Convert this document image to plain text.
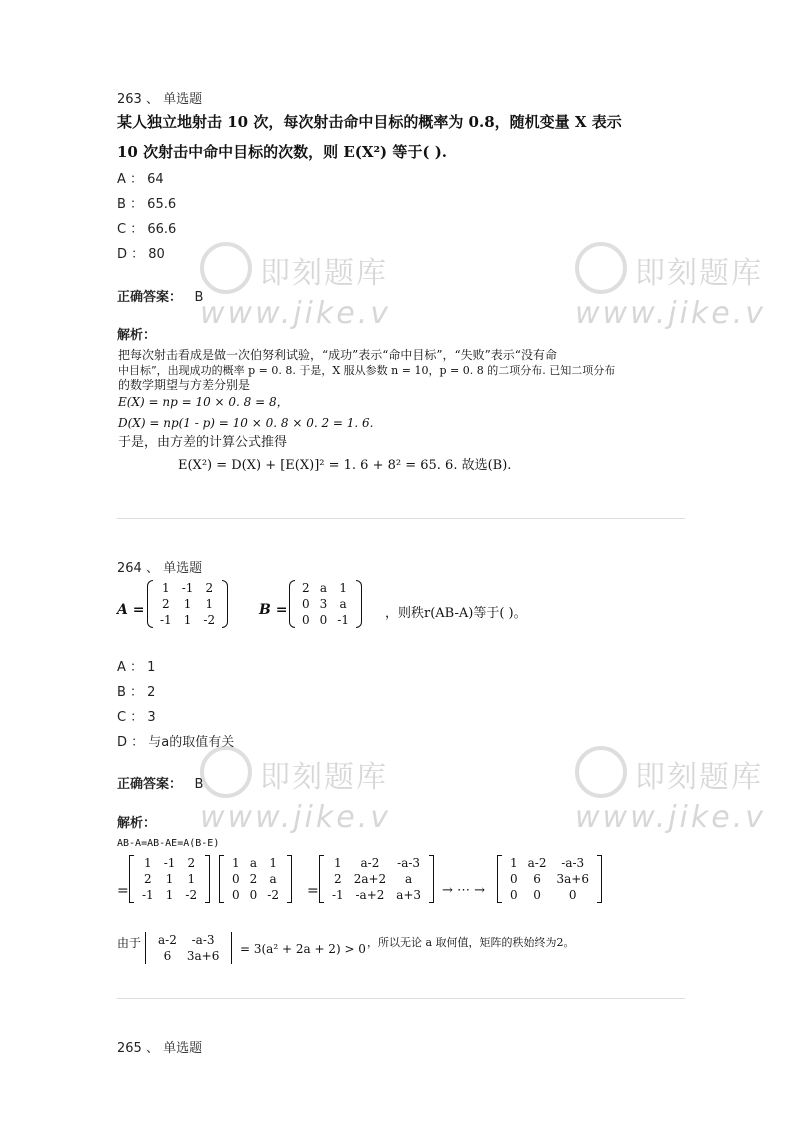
即刻题库
www.jike.v
即刻题库
www.jike.v
即刻题库
www.jike.v
即刻题库
www.jike.v
263 、 单选题
某人独立地射击 10 次，每次射击命中目标的概率为 0.8，随机变量 X 表示
10 次射击中命中目标的次数，则 E(X²) 等于( ).
A ： 64
B ： 65.6
C ： 66.6
D ： 80
正确答案： B
解析：
把每次射击看成是做一次伯努利试验，“成功”表示“命中目标”，“失败”表示“没有命
中目标”，出现成功的概率 p = 0. 8. 于是，X 服从参数 n = 10，p = 0. 8 的二项分布. 已知二项分布
的数学期望与方差分别是
E(X) = np = 10 × 0. 8 = 8，
D(X) = np(1 - p) = 10 × 0. 8 × 0. 2 = 1. 6.
于是，由方差的计算公式推得
E(X²) = D(X) + [E(X)]² = 1. 6 + 8² = 65. 6. 故选(B).
264 、 单选题
A =
1	-1	2
2	1	1
-1	1	-2
B =
2	a	1
0	3	a
0	0	-1	，则秩r(AB-A)等于( )。
A ： 1
B ： 2
C ： 3
D ： 与a的取值有关
正确答案： B
解析：
AB-A=AB-AE=A(B-E)
=
1	-1	2
2	1	1
-1	1	-2
1	a	1
0	2	a
0	0	-2 =
1	a-2	-a-3
2	2a+2	a
-1	-a+2	a+3 → ⋯ →
1	a-2	-a-3
0	6	3a+6
0	0	0
由于 a-2	-a-3
6	3a+6 = 3(a² + 2a + 2) > 0 ，所以无论 a 取何值，矩阵的秩始终为2。
265 、 单选题
